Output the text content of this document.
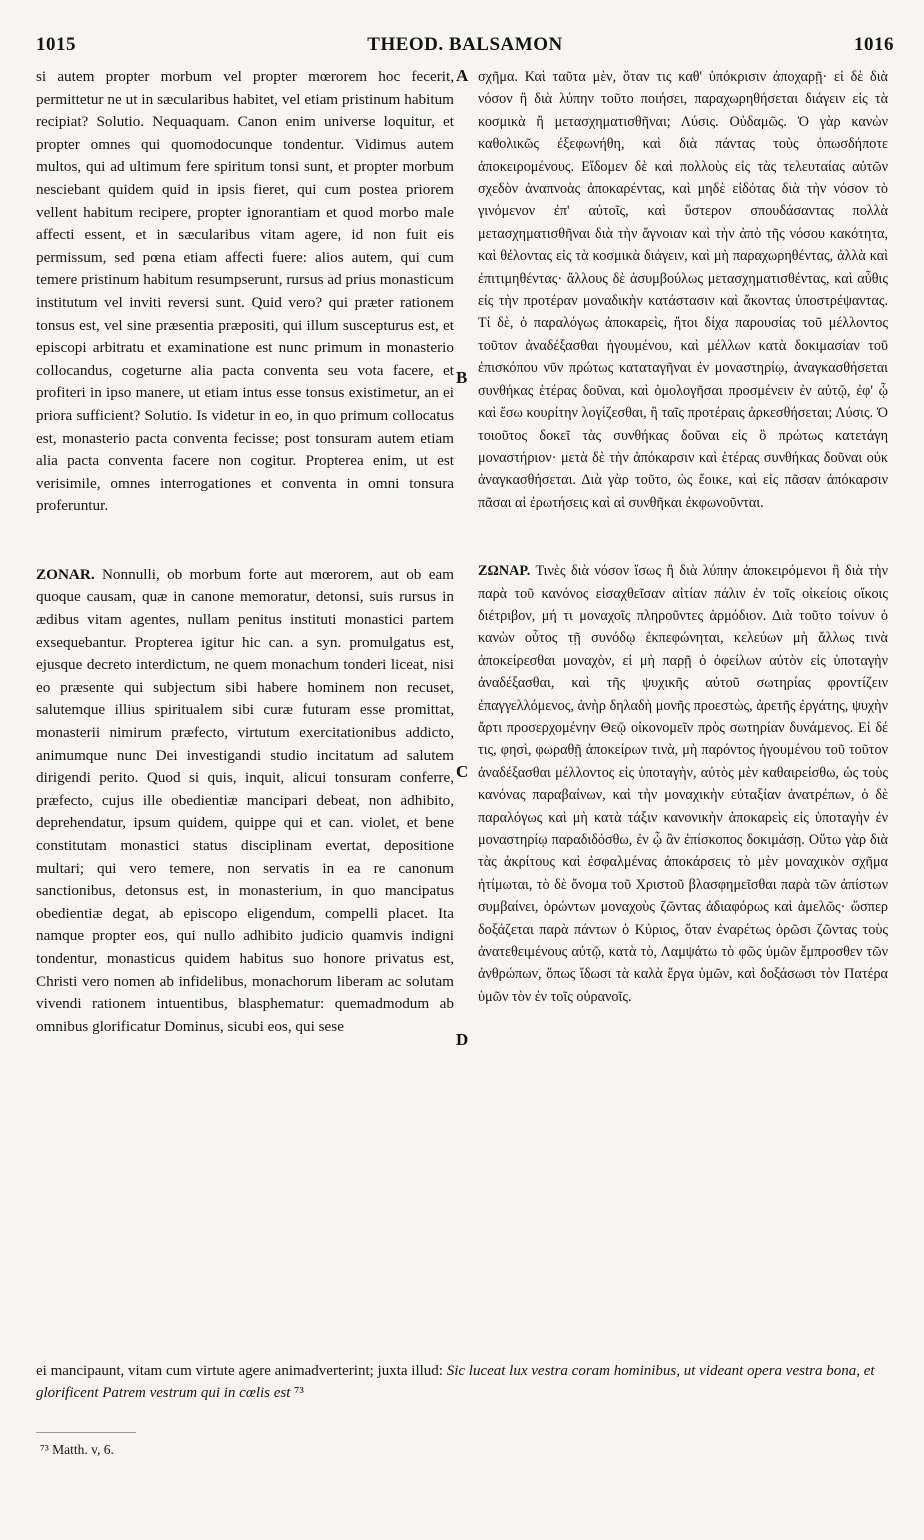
1015	THEOD. BALSAMON	1016

si autem propter morbum vel propter mœrorem hoc fecerit, permittetur ne ut in sæcularibus habitet, vel etiam pristinum habitum recipiat? Solutio. Nequaquam. Canon enim universe loquitur, et propter omnes qui quomodocunque tondentur. Vidimus autem multos, qui ad ultimum fere spiritum tonsi sunt, et propter morbum nesciebant quidem quid in ipsis fieret, qui cum postea priorem vellent habitum recipere, propter ignorantiam et quod morbo male affecti essent, et in sæcularibus vitam agere, id non fuit eis permissum, sed pœna etiam affecti fuere: alios autem, qui cum temere pristinum habitum resumpserunt, rursus ad prius monasticum institutum vel inviti reversi sunt. Quid vero? qui præter rationem tonsus est, vel sine præsentia præpositi, qui illum suscepturus est, et episcopi arbitratu et examinatione est nunc primum in monasterio collocandus, cogeturne alia pacta conventa seu vota facere, et profiteri in ipso manere, ut etiam intus esse tonsus existimetur, an ei priora sufficient? Solutio. Is videtur in eo, in quo primum collocatus est, monasterio pacta conventa fecisse; post tonsuram autem etiam alia pacta conventa facere non cogitur. Propterea enim, ut est verisimile, omnes interrogationes et conventa in omni tonsura proferuntur.

ZONAR. Nonnulli, ob morbum forte aut mœrorem, aut ob eam quoque causam, quæ in canone memoratur, detonsi, suis rursus in ædibus vitam agentes, nullam penitus instituti monastici partem exsequebantur. Propterea igitur hic can. a syn. promulgatus est, ejusque decreto interdictum, ne quem monachum tonderi liceat, nisi eo præsente qui subjectum sibi habere hominem non recuset, salutemque illius spiritualem sibi curæ futuram esse promittat, monasterii nimirum præfecto, virtutum exercitationibus addicto, animumque nunc Dei investigandi studio incitatum ad salutem dirigendi perito. Quod si quis, inquit, alicui tonsuram conferre, præfecto, cujus ille obedientiæ mancipari debeat, non adhibito, deprehendatur, ipsum quidem, quippe qui et can. violet, et bene constitutam monastici status disciplinam evertat, depositione multari; qui vero temere, non servatis in ea re canonum sanctionibus, detonsus est, in monasterium, in quo mancipatus obedientiæ degat, ab episcopo eligendum, compelli placet. Ita namque propter eos, qui nullo adhibito judicio quamvis indigni tondentur, monasticus quidem habitus suo honore privatus est, Christi vero nomen ab infidelibus, monachorum liberam ac solutam vivendi rationem intuentibus, blasphematur: quemadmodum ab omnibus glorificatur Dominus, sicubi eos, qui sese

σχῆμα. Καὶ ταῦτα μὲν, ὅταν τις καθ' ὑπόκρισιν ἀποχαρῇ· εἰ δὲ διὰ νόσον ἢ διὰ λύπην τοῦτο ποιήσει, παραχωρηθήσεται διάγειν εἰς τὰ κοσμικὰ ἢ μετασχηματισθῆναι; Λύσις. Οὐδαμῶς. Ὁ γὰρ κανὼν καθολικῶς ἐξεφωνήθη, καὶ διὰ πάντας τοὺς ὁπωσδήποτε ἀποκειρομένους. Εἴδομεν δὲ καὶ πολλοὺς εἰς τὰς τελευταίας αὐτῶν σχεδὸν ἀναπνοὰς ἀποκαρέντας, καὶ μηδὲ εἰδότας διὰ τὴν νόσον τὸ γινόμενον ἐπ' αὐτοῖς, καὶ ὕστερον σπουδάσαντας πολλὰ μετασχηματισθῆναι διὰ τὴν ἄγνοιαν καὶ τὴν ἀπὸ τῆς νόσου κακότητα, καὶ θέλοντας εἰς τὰ κοσμικὰ διάγειν, καὶ μὴ παραχωρηθέντας, ἀλλὰ καὶ ἐπιτιμηθέντας· ἄλλους δὲ ἀσυμβούλως μετασχηματισθέντας, καὶ αὖθις εἰς τὴν προτέραν μοναδικὴν κατάστασιν καὶ ἄκοντας ὑποστρέψαντας. Τί δὲ, ὁ παραλόγως ἀποκαρεὶς, ἤτοι δίχα παρουσίας τοῦ μέλλοντος τοῦτον ἀναδέξασθαι ἡγουμένου, καὶ μέλλων κατὰ δοκιμασίαν τοῦ ἐπισκόπου νῦν πρώτως καταταγῆναι ἐν μοναστηρίῳ, ἀναγκασθήσεται συνθήκας ἑτέρας δοῦναι, καὶ ὁμολογῆσαι προσμένειν ἐν αὐτῷ, ἐφ' ᾧ καὶ ἔσω κουρίτην λογίζεσθαι, ἢ ταῖς προτέραις ἀρκεσθήσεται; Λύσις. Ὁ τοιοῦτος δοκεῖ τὰς συνθήκας δοῦναι εἰς ὃ πρώτως κατετάγη μοναστήριον· μετὰ δὲ τὴν ἀπόκαρσιν καὶ ἑτέρας συνθήκας δοῦναι οὐκ ἀναγκασθήσεται. Διὰ γὰρ τοῦτο, ὡς ἔοικε, καὶ εἰς πᾶσαν ἀπόκαρσιν πᾶσαι αἱ ἐρωτήσεις καὶ αἱ συνθῆκαι ἐκφωνοῦνται.

ΖΩΝΑΡ. Τινὲς διὰ νόσον ἴσως ἢ διὰ λύπην ἀποκειρόμενοι ἢ διὰ τὴν παρὰ τοῦ κανόνος εἰσαχθεῖσαν αἰτίαν πάλιν ἐν τοῖς οἰκείοις οἴκοις διέτριβον, μή τι μοναχοῖς πληροῦντες ἁρμόδιον. Διὰ τοῦτο τοίνυν ὁ κανὼν οὗτος τῇ συνόδῳ ἐκπεφώνηται, κελεύων μὴ ἄλλως τινὰ ἀποκείρεσθαι μοναχὸν, εἰ μὴ παρῇ ὁ ὀφείλων αὐτὸν εἰς ὑποταγὴν ἀναδέξασθαι, καὶ τῆς ψυχικῆς αὐτοῦ σωτηρίας φροντίζειν ἐπαγγελλόμενος, ἀνὴρ δηλαδὴ μονῆς προεστὼς, ἀρετῆς ἐργάτης, ψυχὴν ἄρτι προσερχομένην Θεῷ οἰκονομεῖν πρὸς σωτηρίαν δυνάμενος. Εἰ δέ τις, φησὶ, φωραθῇ ἀποκείρων τινὰ, μὴ παρόντος ἡγουμένου τοῦ τοῦτον ἀναδέξασθαι μέλλοντος εἰς ὑποταγὴν, αὐτὸς μὲν καθαιρείσθω, ὡς τοὺς κανόνας παραβαίνων, καὶ τὴν μοναχικὴν εὐταξίαν ἀνατρέπων, ὁ δὲ παραλόγως καὶ μὴ κατὰ τάξιν κανονικὴν ἀποκαρεὶς εἰς ὑποταγὴν ἐν μοναστηρίῳ παραδιδόσθω, ἐν ᾧ ἂν ἐπίσκοπος δοκιμάσῃ. Οὕτω γὰρ διὰ τὰς ἀκρίτους καὶ ἐσφαλμένας ἀποκάρσεις τὸ μὲν μοναχικὸν σχῆμα ἠτίμωται, τὸ δὲ ὄνομα τοῦ Χριστοῦ βλασφημεῖσθαι παρὰ τῶν ἀπίστων συμβαίνει, ὁρώντων μοναχοὺς ζῶντας ἀδιαφόρως καὶ ἀμελῶς· ὥσπερ δοξάζεται παρὰ πάντων ὁ Κύριος, ὅταν ἐναρέτως ὁρῶσι ζῶντας τοὺς ἀνατεθειμένους αὐτῷ, κατὰ τὸ, Λαμψάτω τὸ φῶς ὑμῶν ἔμπροσθεν τῶν ἀνθρώπων, ὅπως ἴδωσι τὰ καλὰ ἔργα ὑμῶν, καὶ δοξάσωσι τὸν Πατέρα ὑμῶν τὸν ἐν τοῖς οὐρανοῖς.

A
B
C
D
ei mancipaunt, vitam cum virtute agere animadverterint; juxta illud: Sic luceat lux vestra coram hominibus, ut videant opera vestra bona, et glorificent Patrem vestrum qui in cœlis est ⁷³
⁷³ Matth. v, 6.
